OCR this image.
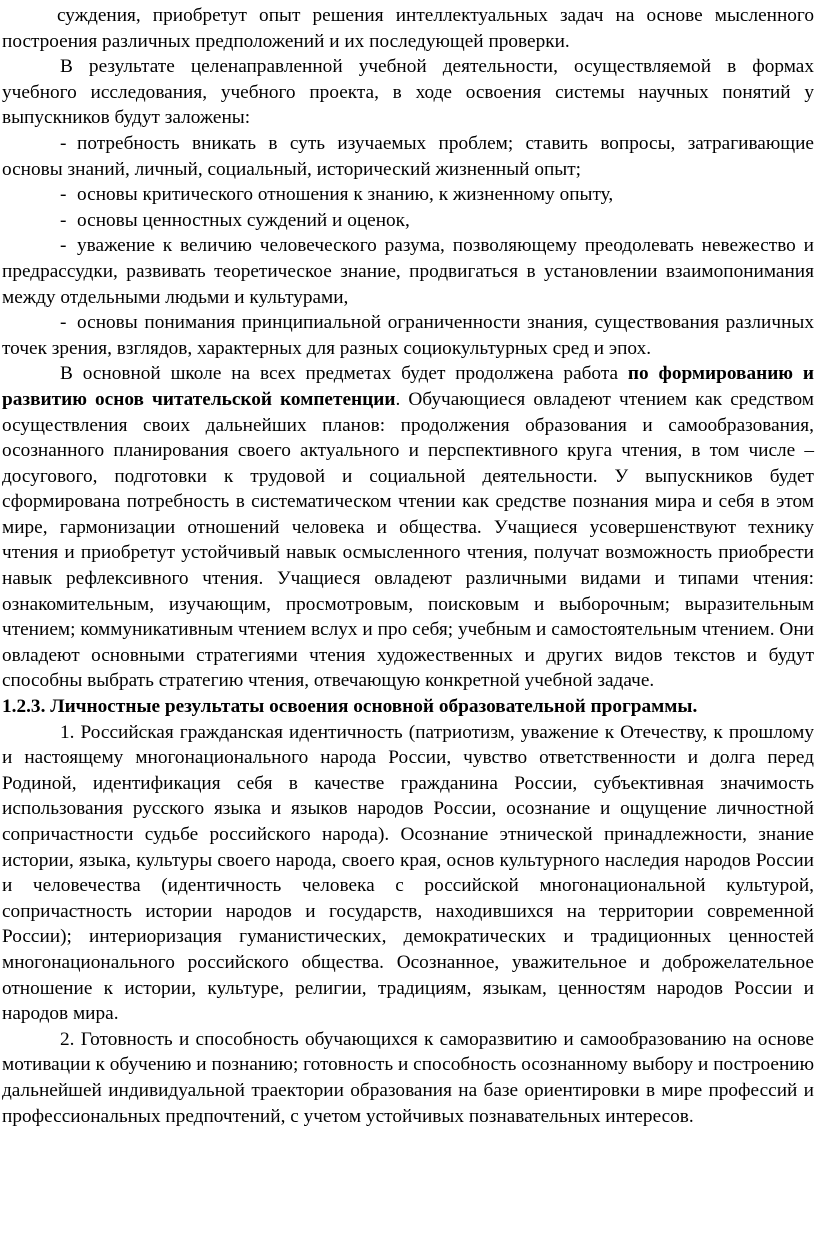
суждения, приобретут опыт решения интеллектуальных задач на основе мысленного построения различных предположений и их последующей проверки.

В результате целенаправленной учебной деятельности, осуществляемой в формах учебного исследования, учебного проекта, в ходе освоения системы научных понятий у выпускников будут заложены:

- потребность вникать в суть изучаемых проблем; ставить вопросы, затрагивающие основы знаний, личный, социальный, исторический жизненный опыт;

- основы критического отношения к знанию, к жизненному опыту,

- основы ценностных суждений и оценок,

- уважение к величию человеческого разума, позволяющему преодолевать невежество и предрассудки, развивать теоретическое знание, продвигаться в установлении взаимопонимания между отдельными людьми и культурами,

- основы понимания принципиальной ограниченности знания, существования различных точек зрения, взглядов, характерных для разных социокультурных сред и эпох.

В основной школе на всех предметах будет продолжена работа по формированию и развитию основ читательской компетенции. Обучающиеся овладеют чтением как средством осуществления своих дальнейших планов: продолжения образования и самообразования, осознанного планирования своего актуального и перспективного круга чтения, в том числе – досугового, подготовки к трудовой и социальной деятельности. У выпускников будет сформирована потребность в систематическом чтении как средстве познания мира и себя в этом мире, гармонизации отношений человека и общества. Учащиеся усовершенствуют технику чтения и приобретут устойчивый навык осмысленного чтения, получат возможность приобрести навык рефлексивного чтения. Учащиеся овладеют различными видами и типами чтения: ознакомительным, изучающим, просмотровым, поисковым и выборочным; выразительным чтением; коммуникативным чтением вслух и про себя; учебным и самостоятельным чтением. Они овладеют основными стратегиями чтения художественных и других видов текстов и будут способны выбрать стратегию чтения, отвечающую конкретной учебной задаче.

1.2.3. Личностные результаты освоения основной образовательной программы.

1. Российская гражданская идентичность (патриотизм, уважение к Отечеству, к прошлому и настоящему многонационального народа России, чувство ответственности и долга перед Родиной, идентификация себя в качестве гражданина России, субъективная значимость использования русского языка и языков народов России, осознание и ощущение личностной сопричастности судьбе российского народа). Осознание этнической принадлежности, знание истории, языка, культуры своего народа, своего края, основ культурного наследия народов России и человечества (идентичность человека с российской многонациональной культурой, сопричастность истории народов и государств, находившихся на территории современной России); интериоризация гуманистических, демократических и традиционных ценностей многонационального российского общества. Осознанное, уважительное и доброжелательное отношение к истории, культуре, религии, традициям, языкам, ценностям народов России и народов мира.

2. Готовность и способность обучающихся к саморазвитию и самообразованию на основе мотивации к обучению и познанию; готовность и способность осознанному выбору и построению дальнейшей индивидуальной траектории образования на базе ориентировки в мире профессий и профессиональных предпочтений, с учетом устойчивых познавательных интересов.
